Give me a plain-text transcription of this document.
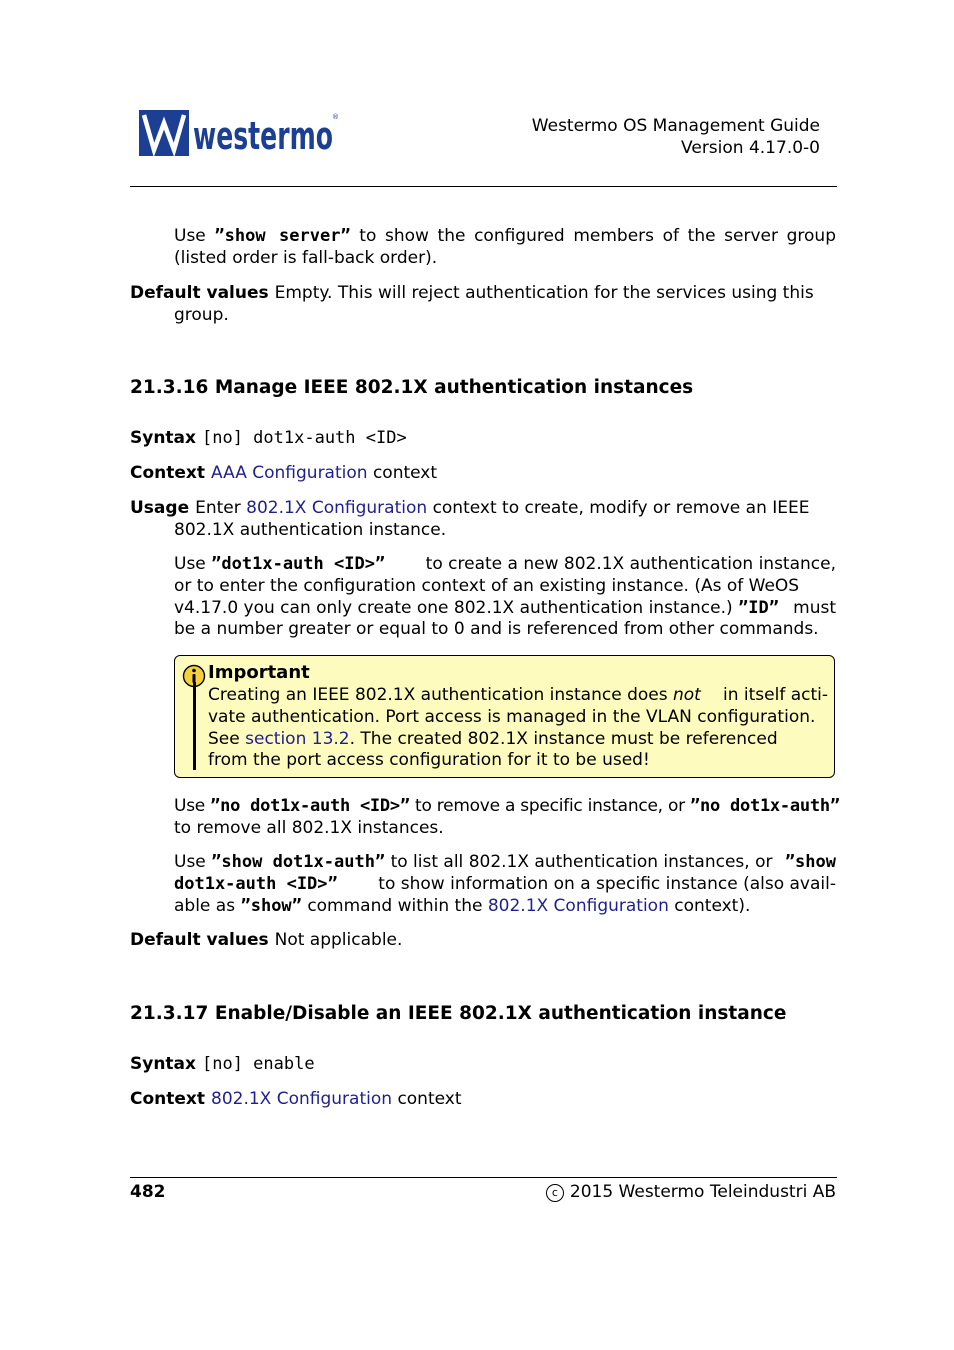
westermo ®	Westermo OS Management Guide
Version 4.17.0-0
Use ”show server” to show the configured members of the server group (listed order is fall-back order).
Default values Empty. This will reject authentication for the services using this
group.
21.3.16 Manage IEEE 802.1X authentication instances
Syntax [no] dot1x-auth <ID>
Context AAA Configuration context
Usage Enter 802.1X Configuration context to create, modify or remove an IEEE
802.1X authentication instance.
Use ”dot1x-auth <ID>” to create a new 802.1X authentication instance,
or to enter the configuration context of an existing instance. (As of WeOS
v4.17.0 you can only create one 802.1X authentication instance.) ”ID” must
be a number greater or equal to 0 and is referenced from other commands.
Important
Creating an IEEE 802.1X authentication instance does not in itself acti-
vate authentication. Port access is managed in the VLAN configuration.
See section 13.2. The created 802.1X instance must be referenced
from the port access configuration for it to be used!
Use ”no dot1x-auth <ID>” to remove a specific instance, or ”no dot1x-auth”
to remove all 802.1X instances.
Use ”show dot1x-auth” to list all 802.1X authentication instances, or ”show
dot1x-auth <ID>” to show information on a specific instance (also avail-
able as ”show” command within the 802.1X Configuration context).
Default values Not applicable.
21.3.17 Enable/Disable an IEEE 802.1X authentication instance
Syntax [no] enable
Context 802.1X Configuration context
482	c 2015 Westermo Teleindustri AB
